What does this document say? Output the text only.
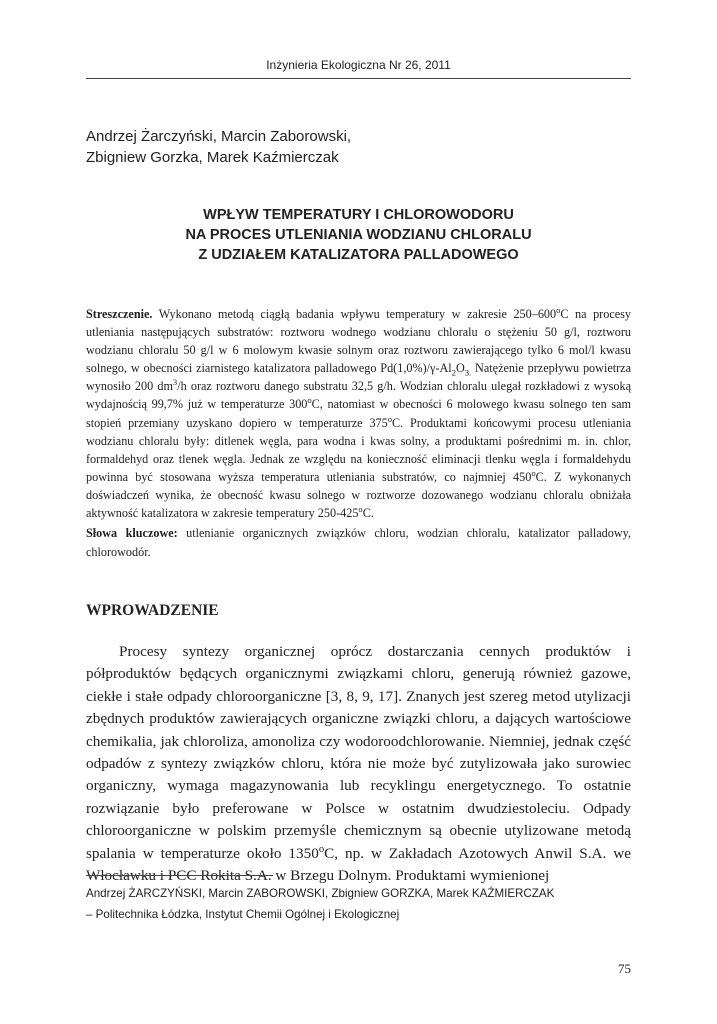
Inżynieria Ekologiczna Nr 26, 2011
Andrzej Żarczyński, Marcin Zaborowski,
Zbigniew Gorzka, Marek Kaźmierczak
WPŁYW TEMPERATURY I CHLOROWODORU
NA PROCES UTLENIANIA WODZIANU CHLORALU
Z UDZIAŁEM KATALIZATORA PALLADOWEGO
Streszczenie. Wykonano metodą ciągłą badania wpływu temperatury w zakresie 250–600$^o$C na procesy utleniania następujących substratów: roztworu wodnego wodzianu chloralu o stężeniu 50 g/l, roztworu wodzianu chloralu 50 g/l w 6 molowym kwasie solnym oraz roztworu zawierającego tylko 6 mol/l kwasu solnego, w obecności ziarnistego katalizatora palladowego $Pd(1,0\%)/\gamma-Al_2O_{3.}$ Natężenie przepływu powietrza wynosiło 200 $dm^3/h$ oraz roztworu danego substratu 32,5 g/h. Wodzian chloralu ulegał rozkładowi z wysoką wydajnością 99,7% już w temperaturze 300$^o$C, natomiast w obecności 6 molowego kwasu solnego ten sam stopień przemiany uzyskano dopiero w temperaturze 375$^o$C. Produktami końcowymi procesu utleniania wodzianu chloralu były: ditlenek węgla, para wodna i kwas solny, a produktami pośrednimi m. in. chlor, formaldehyd oraz tlenek węgla. Jednak ze względu na konieczność eliminacji tlenku węgla i formaldehydu powinna być stosowana wyższa temperatura utleniania substratów, co najmniej 450$^o$C. Z wykonanych doświadczeń wynika, że obecność kwasu solnego w roztworze dozowanego wodzianu chloralu obniżała aktywność katalizatora w zakresie temperatury 250-425$^o$C.
Słowa kluczowe: utlenianie organicznych związków chloru, wodzian chloralu, katalizator palladowy, chlorowodór.
WPROWADZENIE
Procesy syntezy organicznej oprócz dostarczania cennych produktów i półproduktów będących organicznymi związkami chloru, generują również gazowe, ciekłe i stałe odpady chloroorganiczne [3, 8, 9, 17]. Znanych jest szereg metod utylizacji zbędnych produktów zawierających organiczne związki chloru, a dających wartościowe chemikalia, jak chloroliza, amonoliza czy wodoroodchlorowanie. Niemniej, jednak część odpadów z syntezy związków chloru, która nie może być zutylizowała jako surowiec organiczny, wymaga magazynowania lub recyklingu energetycznego. To ostatnie rozwiązanie było preferowane w Polsce w ostatnim dwudziestoleciu. Odpady chloroorganiczne w polskim przemyśle chemicznym są obecnie utylizowane metodą spalania w temperaturze około 1350$^o$C, np. w Zakładach Azotowych Anwil S.A. we Włocławku i PCC Rokita S.A. w Brzegu Dolnym. Produktami wymienionej
Andrzej ŻARCZYŃSKI, Marcin ZABOROWSKI, Zbigniew GORZKA, Marek KAŹMIERCZAK
– Politechnika Łódzka, Instytut Chemii Ogólnej i Ekologicznej
75
